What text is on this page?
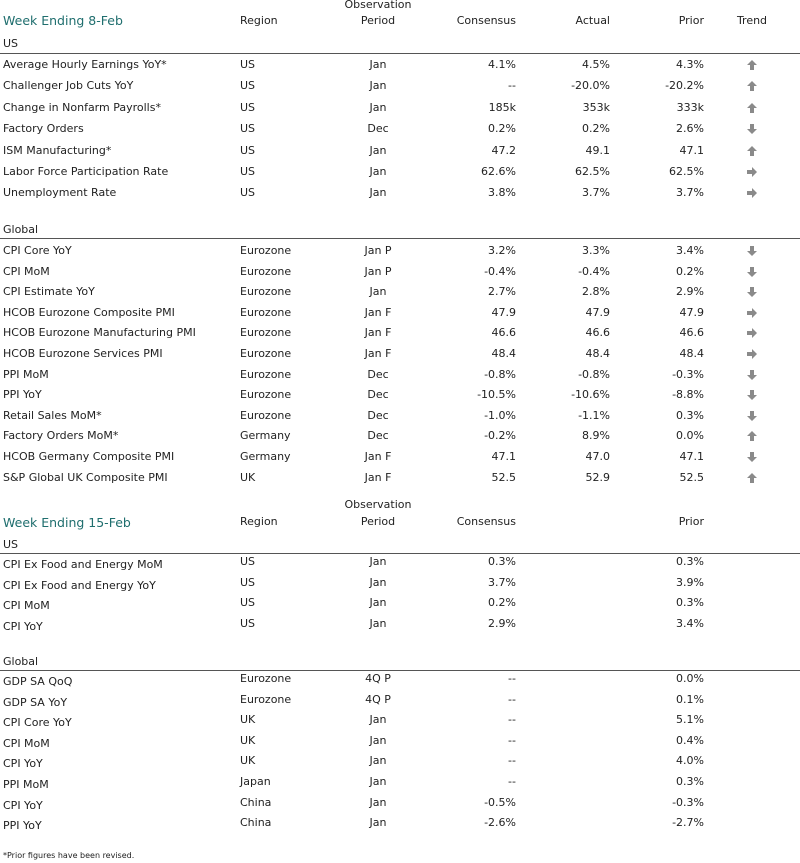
Week Ending 8-Feb	Region
Observation
Period	Consensus	Actual	Prior	Trend
US
Average Hourly Earnings YoY*	US	Jan	4.1%	4.5%	4.3%
Challenger Job Cuts YoY	US	Jan	--	-20.0%	-20.2%
Change in Nonfarm Payrolls*	US	Jan	185k	353k	333k
Factory Orders	US	Dec	0.2%	0.2%	2.6%
ISM Manufacturing*	US	Jan	47.2	49.1	47.1
Labor Force Participation Rate	US	Jan	62.6%	62.5%	62.5%
Unemployment Rate	US	Jan	3.8%	3.7%	3.7%
Global
CPI Core YoY	Eurozone	Jan P	3.2%	3.3%	3.4%
CPI MoM	Eurozone	Jan P	-0.4%	-0.4%	0.2%
CPI Estimate YoY	Eurozone	Jan	2.7%	2.8%	2.9%
HCOB Eurozone Composite PMI	Eurozone	Jan F	47.9	47.9	47.9
HCOB Eurozone Manufacturing PMI	Eurozone	Jan F	46.6	46.6	46.6
HCOB Eurozone Services PMI	Eurozone	Jan F	48.4	48.4	48.4
PPI MoM	Eurozone	Dec	-0.8%	-0.8%	-0.3%
PPI YoY	Eurozone	Dec	-10.5%	-10.6%	-8.8%
Retail Sales MoM*	Eurozone	Dec	-1.0%	-1.1%	0.3%
Factory Orders MoM*	Germany	Dec	-0.2%	8.9%	0.0%
HCOB Germany Composite PMI	Germany	Jan F	47.1	47.0	47.1
S&P Global UK Composite PMI	UK	Jan F	52.5	52.9	52.5
Week Ending 15-Feb	Region
Observation
Period	Consensus	Prior
US
CPI Ex Food and Energy MoM	US	Jan	0.3%	0.3%
CPI Ex Food and Energy YoY	US	Jan	3.7%	3.9%
CPI MoM	US	Jan	0.2%	0.3%
CPI YoY	US	Jan	2.9%	3.4%
Global
GDP SA QoQ	Eurozone	4Q P	--	0.0%
GDP SA YoY	Eurozone	4Q P	--	0.1%
CPI Core YoY	UK	Jan	--	5.1%
CPI MoM	UK	Jan	--	0.4%
CPI YoY	UK	Jan	--	4.0%
PPI MoM	Japan	Jan	--	0.3%
CPI YoY	China	Jan	-0.5%	-0.3%
PPI YoY	China	Jan	-2.6%	-2.7%
*Prior figures have been revised.
